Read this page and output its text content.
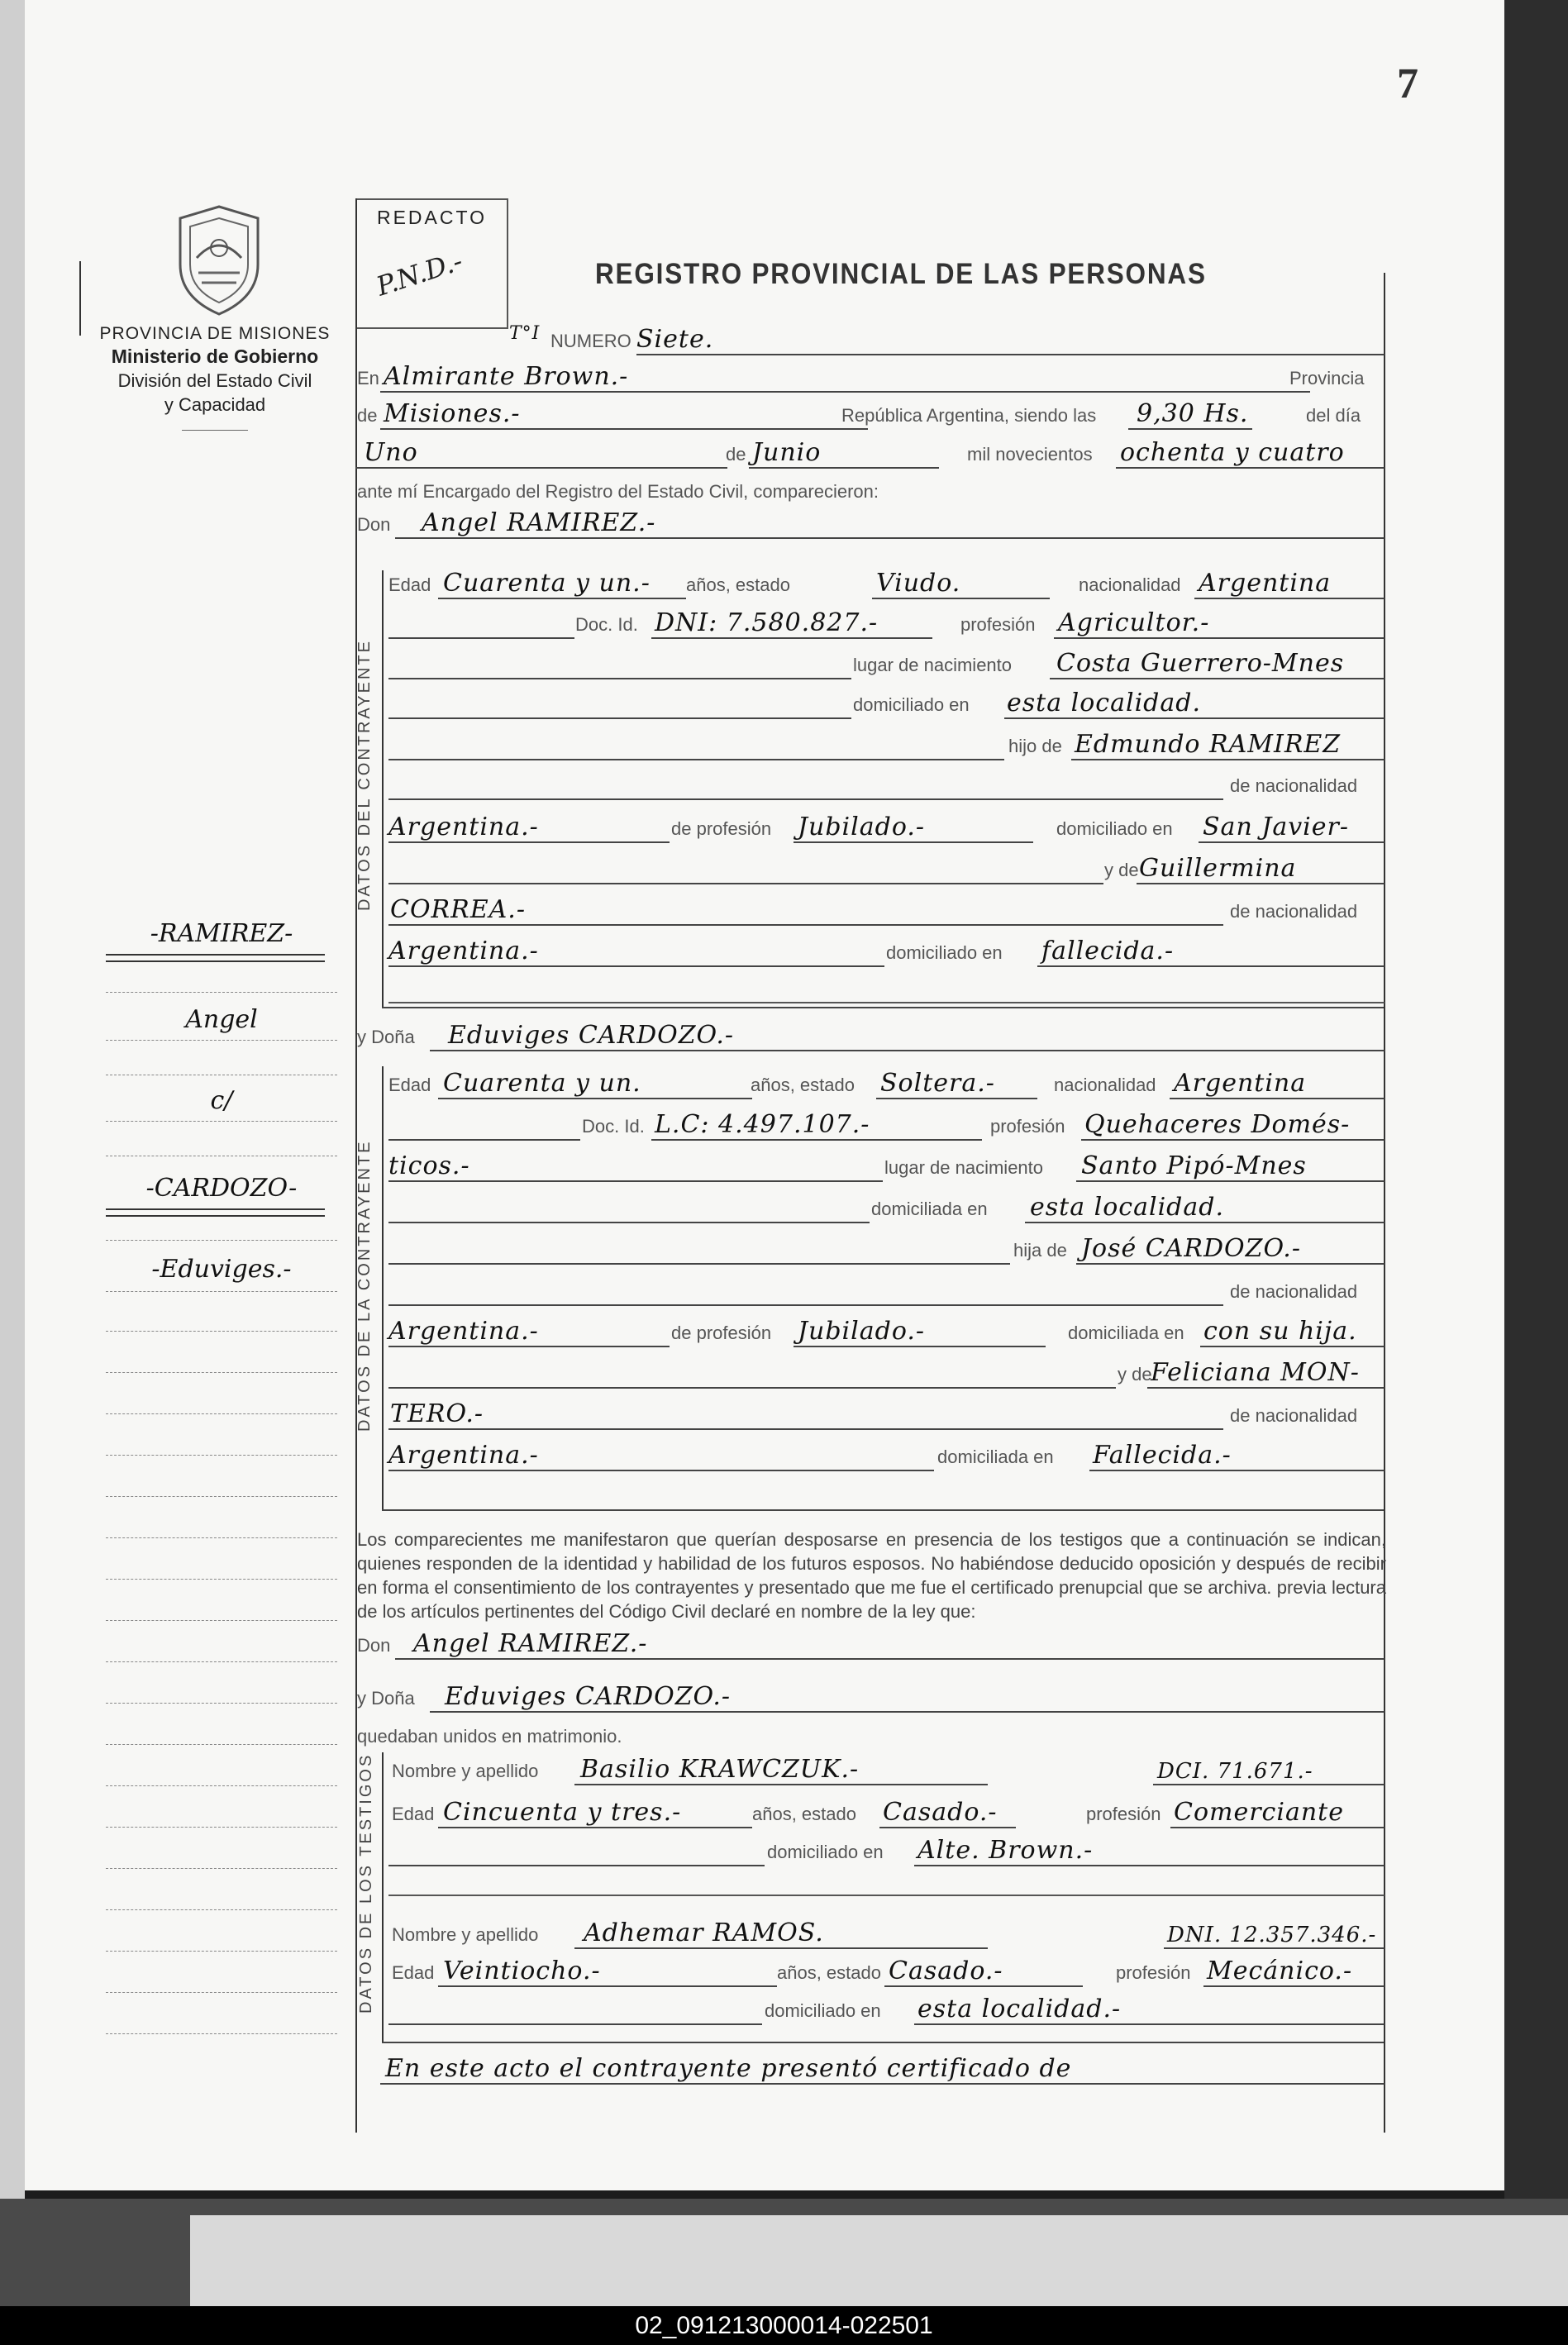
7
PROVINCIA DE MISIONES
Ministerio de Gobierno
División del Estado Civil
y Capacidad
REDACTO
P.N.D.-	REGISTRO PROVINCIAL DE LAS PERSONAS
T°I NUMERO Siete.
En Almirante Brown.-	Provincia
de Misiones.-	República Argentina, siendo las 9,30 Hs.	del día
Uno	de Junio	mil novecientos ochenta y cuatro
ante mí Encargado del Registro del Estado Civil, comparecieron:
Don Angel RAMIREZ.-
DATOS DEL CONTRAYENTE
Edad Cuarenta y un.- años, estado	Viudo.	nacionalidad Argentina
Doc. Id. DNI: 7.580.827.-	profesión Agricultor.-
lugar de nacimiento Costa Guerrero-Mnes
domiciliado en esta localidad.
hijo de Edmundo RAMIREZ
de nacionalidad
Argentina.-	de profesión Jubilado.-	domiciliado en San Javier-
y de Guillermina
CORREA.-	de nacionalidad
Argentina.-	domiciliado en fallecida.-
y Doña Eduviges CARDOZO.-
DATOS DE LA CONTRAYENTE
Edad Cuarenta y un.	años, estado Soltera.-	nacionalidad Argentina
Doc. Id. L.C: 4.497.107.-	profesión Quehaceres Domés-
ticos.-	lugar de nacimiento Santo Pipó-Mnes
domiciliada en esta localidad.
hija de José CARDOZO.-
de nacionalidad
Argentina.-	de profesión Jubilado.-	domiciliada en con su hija.
y de
Feliciana MON-
TERO.-	de nacionalidad
Argentina.-	domiciliada en Fallecida.-
Los comparecientes me manifestaron que querían desposarse en presencia de los testigos que a continuación se indican, quienes responden de la identidad y habilidad de los futuros esposos. No habiéndose deducido oposición y después de recibir en forma el consentimiento de los contrayentes y presentado que me fue el certificado prenupcial que se archiva. previa lectura de los artículos pertinentes del Código Civil declaré en nombre de la ley que:
Don Angel RAMIREZ.-
y Doña Eduviges CARDOZO.-
quedaban unidos en matrimonio.
DATOS DE LOS TESTIGOS Nombre y apellido Basilio KRAWCZUK.-	DCI. 71.671.-
Edad Cincuenta y tres.-	años, estado Casado.-	profesión Comerciante
domiciliado en Alte. Brown.-
Nombre y apellido Adhemar RAMOS.	DNI. 12.357.346.-
Edad Veintiocho.-	años, estado Casado.-	profesión Mecánico.-
domiciliado en esta localidad.-
En este acto el contrayente presentó certificado de
-RAMIREZ-
Angel
c/
-CARDOZO-
-Eduviges.-
02_091213000014-022501
